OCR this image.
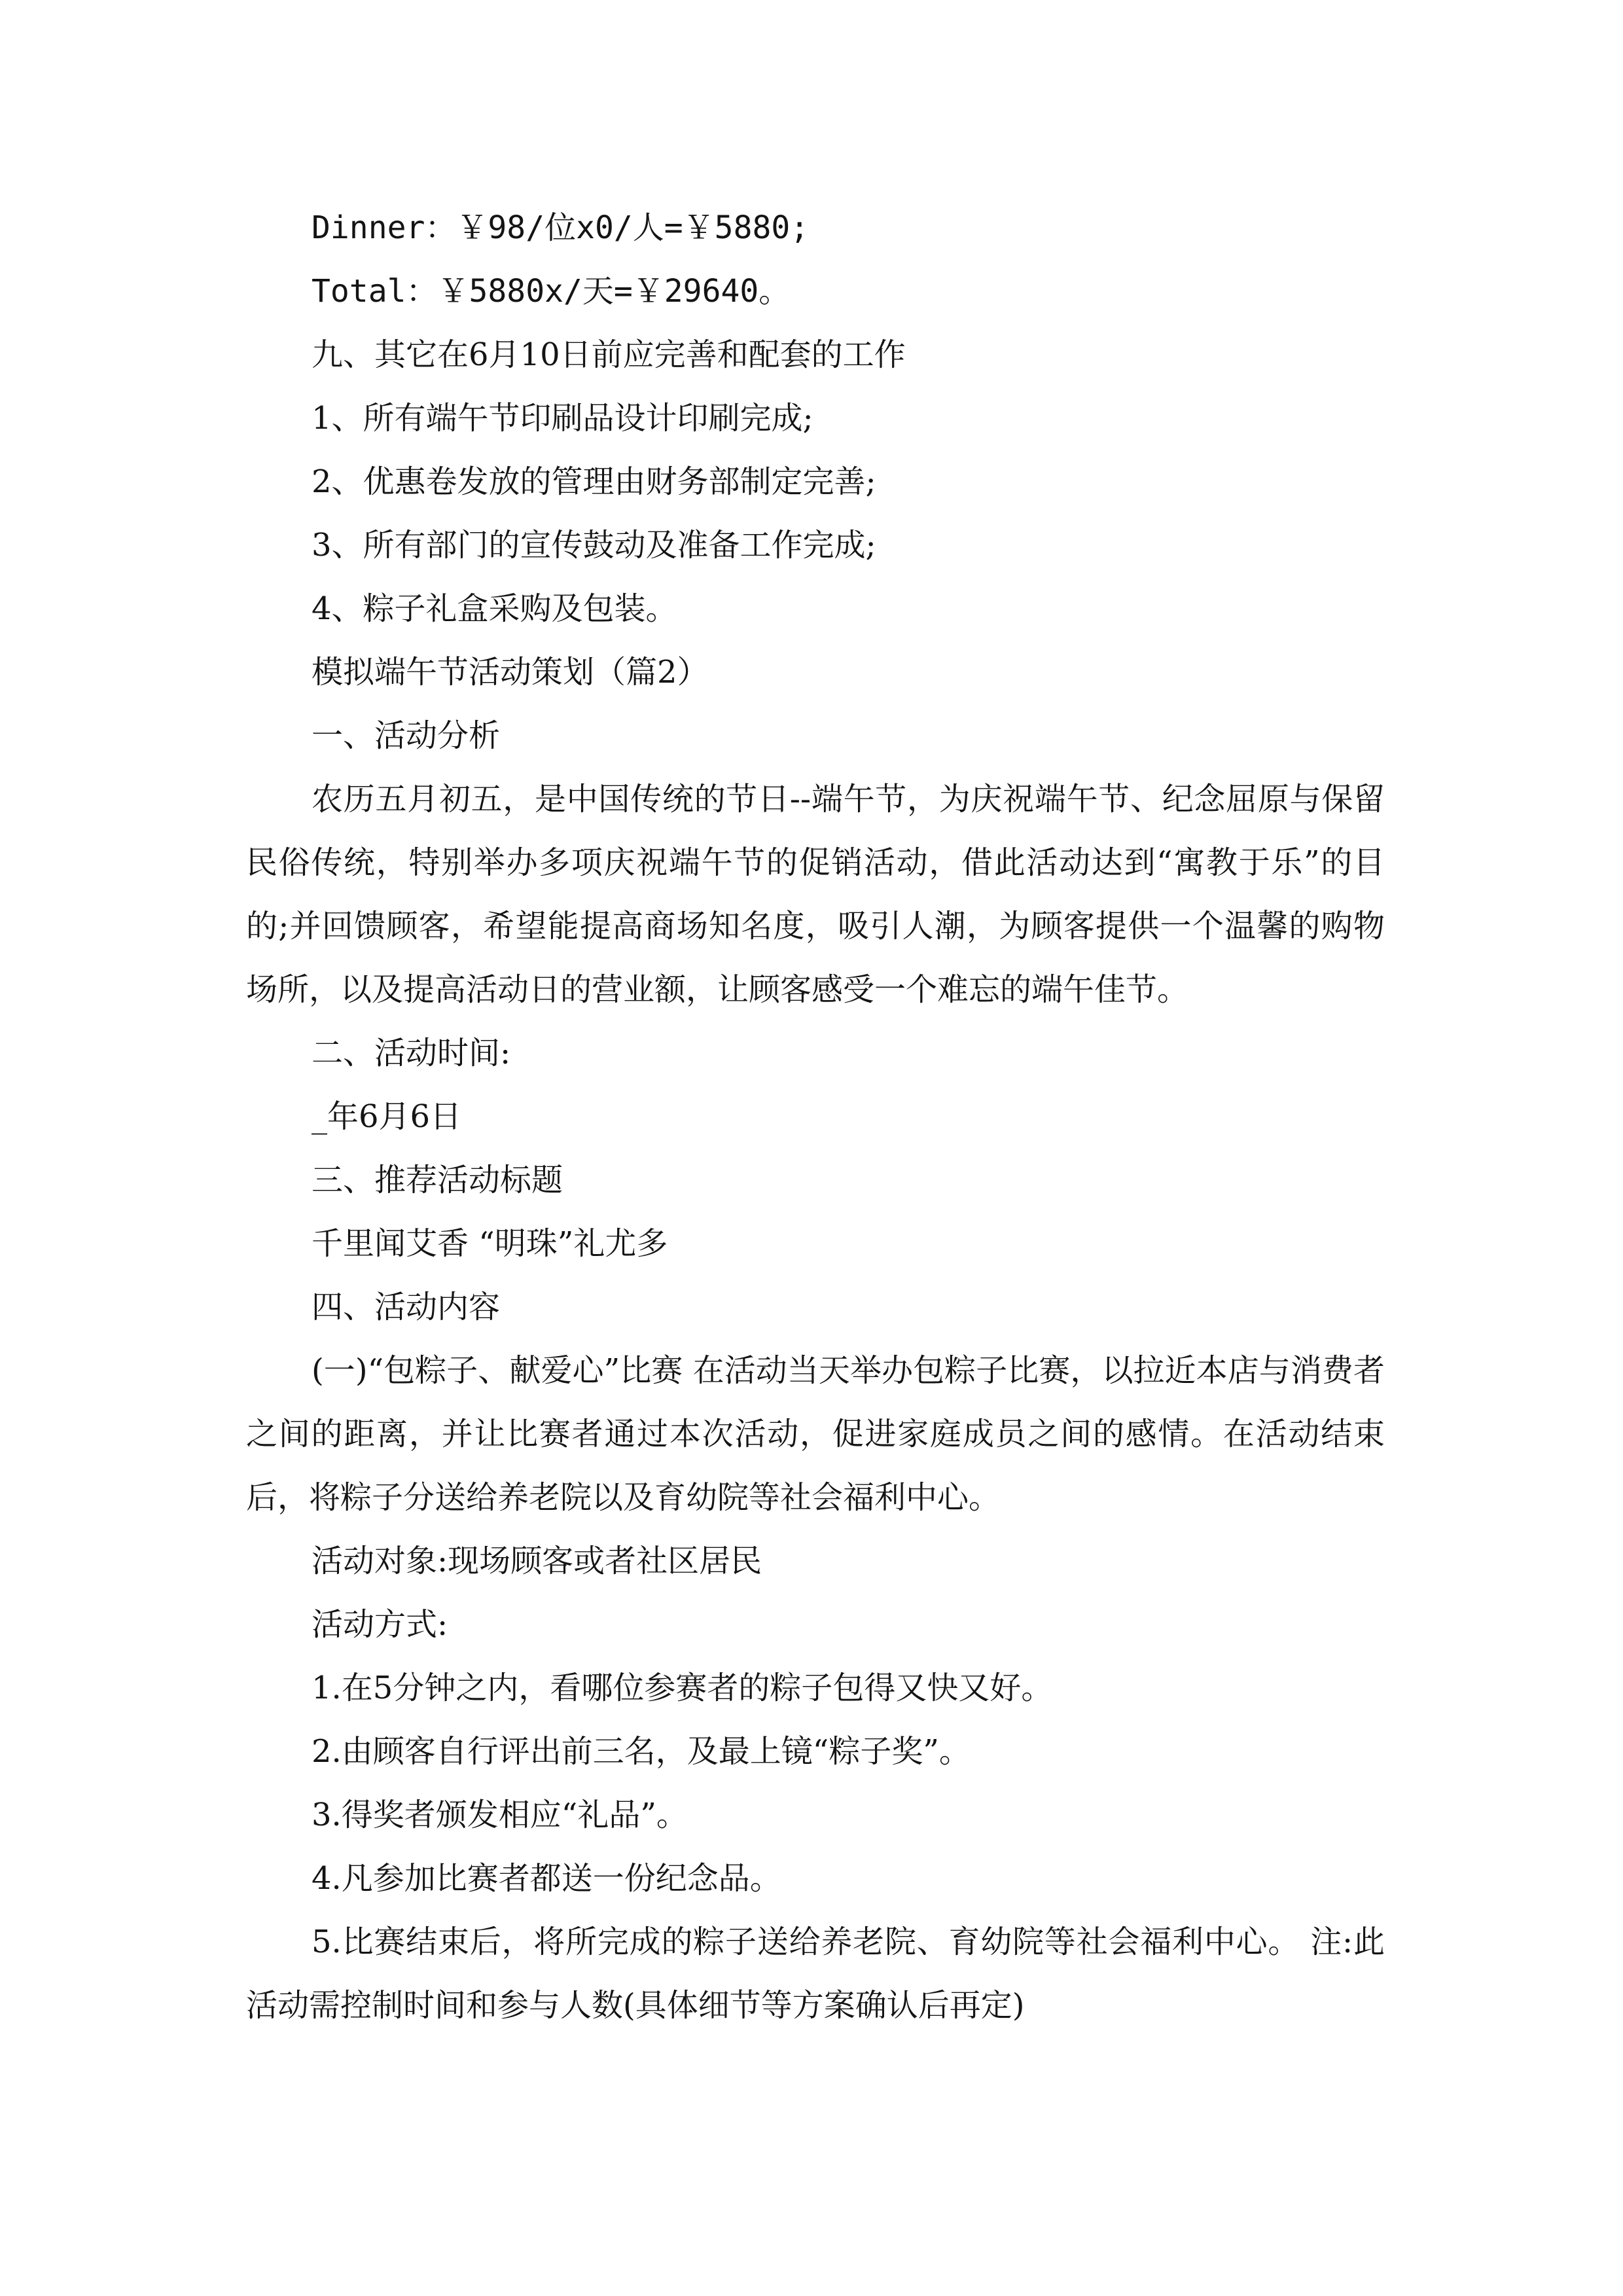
Dinner：￥98/位x0/人=￥5880;

Total：￥5880x/天=￥29640。

九、其它在6月10日前应完善和配套的工作

1、所有端午节印刷品设计印刷完成;

2、优惠卷发放的管理由财务部制定完善;

3、所有部门的宣传鼓动及准备工作完成;

4、粽子礼盒采购及包装。

模拟端午节活动策划（篇2）

一、活动分析

农历五月初五，是中国传统的节日--端午节，为庆祝端午节、纪念屈原与保留民俗传统，特别举办多项庆祝端午节的促销活动，借此活动达到“寓教于乐”的目的;并回馈顾客，希望能提高商场知名度，吸引人潮，为顾客提供一个温馨的购物场所，以及提高活动日的营业额，让顾客感受一个难忘的端午佳节。

二、活动时间:

_年6月6日

三、推荐活动标题

千里闻艾香 “明珠”礼尤多

四、活动内容

(一)“包粽子、献爱心”比赛 在活动当天举办包粽子比赛，以拉近本店与消费者之间的距离，并让比赛者通过本次活动，促进家庭成员之间的感情。在活动结束后，将粽子分送给养老院以及育幼院等社会福利中心。

活动对象:现场顾客或者社区居民

活动方式:

1.在5分钟之内，看哪位参赛者的粽子包得又快又好。

2.由顾客自行评出前三名，及最上镜“粽子奖”。

3.得奖者颁发相应“礼品”。

4.凡参加比赛者都送一份纪念品。

5.比赛结束后，将所完成的粽子送给养老院、育幼院等社会福利中心。 注:此活动需控制时间和参与人数(具体细节等方案确认后再定)
